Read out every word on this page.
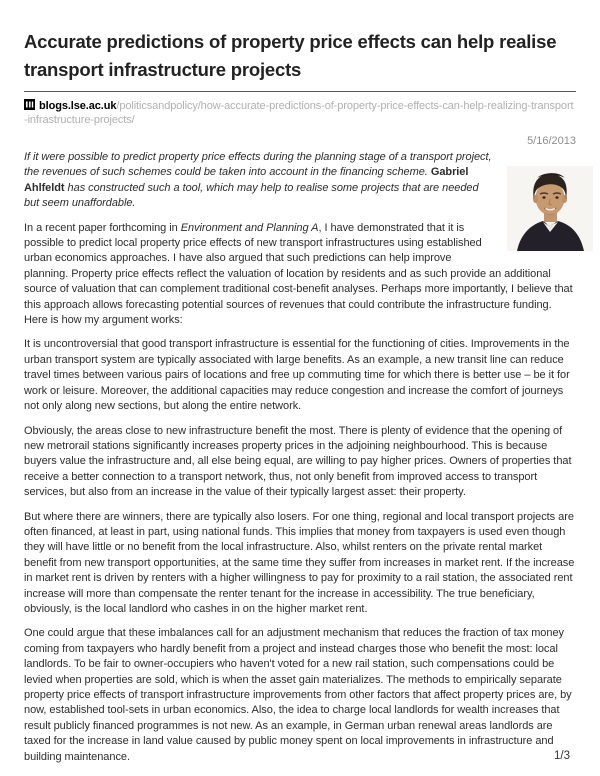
Accurate predictions of property price effects can help realise transport infrastructure projects
blogs.lse.ac.uk/politicsandpolicy/how-accurate-predictions-of-property-price-effects-can-help-realizing-transport-infrastructure-projects/
5/16/2013

If it were possible to predict property price effects during the planning stage of a transport project, the revenues of such schemes could be taken into account in the financing scheme. Gabriel Ahlfeldt has constructed such a tool, which may help to realise some projects that are needed but seem unaffordable.

In a recent paper forthcoming in Environment and Planning A, I have demonstrated that it is possible to predict local property price effects of new transport infrastructures using established urban economics approaches. I have also argued that such predictions can help improve planning. Property price effects reflect the valuation of location by residents and as such provide an additional source of valuation that can complement traditional cost-benefit analyses. Perhaps more importantly, I believe that this approach allows forecasting potential sources of revenues that could contribute the infrastructure funding. Here is how my argument works:

It is uncontroversial that good transport infrastructure is essential for the functioning of cities. Improvements in the urban transport system are typically associated with large benefits. As an example, a new transit line can reduce travel times between various pairs of locations and free up commuting time for which there is better use – be it for work or leisure. Moreover, the additional capacities may reduce congestion and increase the comfort of journeys not only along new sections, but along the entire network.

Obviously, the areas close to new infrastructure benefit the most. There is plenty of evidence that the opening of new metrorail stations significantly increases property prices in the adjoining neighbourhood. This is because buyers value the infrastructure and, all else being equal, are willing to pay higher prices. Owners of properties that receive a better connection to a transport network, thus, not only benefit from improved access to transport services, but also from an increase in the value of their typically largest asset: their property.

But where there are winners, there are typically also losers. For one thing, regional and local transport projects are often financed, at least in part, using national funds. This implies that money from taxpayers is used even though they will have little or no benefit from the local infrastructure. Also, whilst renters on the private rental market benefit from new transport opportunities, at the same time they suffer from increases in market rent. If the increase in market rent is driven by renters with a higher willingness to pay for proximity to a rail station, the associated rent increase will more than compensate the renter tenant for the increase in accessibility. The true beneficiary, obviously, is the local landlord who cashes in on the higher market rent.

One could argue that these imbalances call for an adjustment mechanism that reduces the fraction of tax money coming from taxpayers who hardly benefit from a project and instead charges those who benefit the most: local landlords. To be fair to owner-occupiers who haven't voted for a new rail station, such compensations could be levied when properties are sold, which is when the asset gain materializes. The methods to empirically separate property price effects of transport infrastructure improvements from other factors that affect property prices are, by now, established tool-sets in urban economics. Also, the idea to charge local landlords for wealth increases that result publicly financed programmes is not new. As an example, in German urban renewal areas landlords are taxed for the increase in land value caused by public money spent on local improvements in infrastructure and building maintenance.	1/3
